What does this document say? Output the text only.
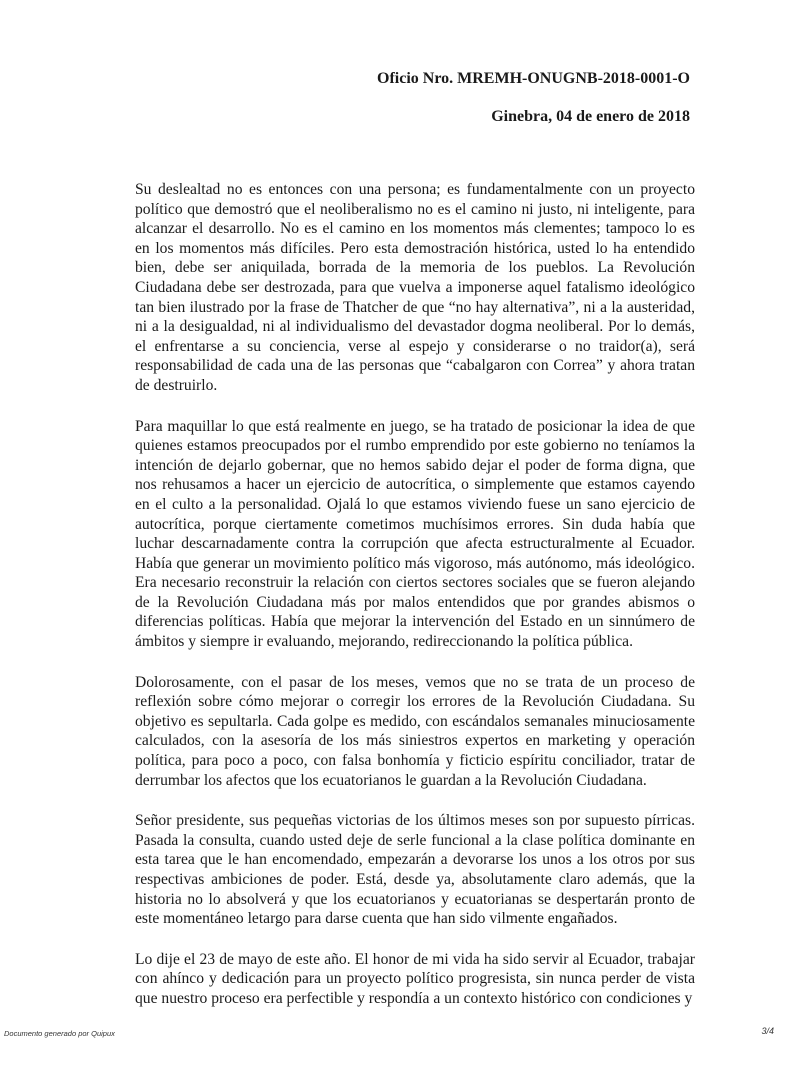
Oficio Nro. MREMH-ONUGNB-2018-0001-O
Ginebra, 04 de enero de 2018

Su deslealtad no es entonces con una persona; es fundamentalmente con un proyecto político que demostró que el neoliberalismo no es el camino ni justo, ni inteligente, para alcanzar el desarrollo. No es el camino en los momentos más clementes; tampoco lo es en los momentos más difíciles. Pero esta demostración histórica, usted lo ha entendido bien, debe ser aniquilada, borrada de la memoria de los pueblos. La Revolución Ciudadana debe ser destrozada, para que vuelva a imponerse aquel fatalismo ideológico tan bien ilustrado por la frase de Thatcher de que “no hay alternativa”, ni a la austeridad, ni a la desigualdad, ni al individualismo del devastador dogma neoliberal. Por lo demás, el enfrentarse a su conciencia, verse al espejo y considerarse o no traidor(a), será responsabilidad de cada una de las personas que “cabalgaron con Correa” y ahora tratan de destruirlo.

Para maquillar lo que está realmente en juego, se ha tratado de posicionar la idea de que quienes estamos preocupados por el rumbo emprendido por este gobierno no teníamos la intención de dejarlo gobernar, que no hemos sabido dejar el poder de forma digna, que nos rehusamos a hacer un ejercicio de autocrítica, o simplemente que estamos cayendo en el culto a la personalidad. Ojalá lo que estamos viviendo fuese un sano ejercicio de autocrítica, porque ciertamente cometimos muchísimos errores. Sin duda había que luchar descarnadamente contra la corrupción que afecta estructuralmente al Ecuador. Había que generar un movimiento político más vigoroso, más autónomo, más ideológico. Era necesario reconstruir la relación con ciertos sectores sociales que se fueron alejando de la Revolución Ciudadana más por malos entendidos que por grandes abismos o diferencias políticas. Había que mejorar la intervención del Estado en un sinnúmero de ámbitos y siempre ir evaluando, mejorando, redireccionando la política pública.

Dolorosamente, con el pasar de los meses, vemos que no se trata de un proceso de reflexión sobre cómo mejorar o corregir los errores de la Revolución Ciudadana. Su objetivo es sepultarla. Cada golpe es medido, con escándalos semanales minuciosamente calculados, con la asesoría de los más siniestros expertos en marketing y operación política, para poco a poco, con falsa bonhomía y ficticio espíritu conciliador, tratar de derrumbar los afectos que los ecuatorianos le guardan a la Revolución Ciudadana.

Señor presidente, sus pequeñas victorias de los últimos meses son por supuesto pírricas. Pasada la consulta, cuando usted deje de serle funcional a la clase política dominante en esta tarea que le han encomendado, empezarán a devorarse los unos a los otros por sus respectivas ambiciones de poder. Está, desde ya, absolutamente claro además, que la historia no lo absolverá y que los ecuatorianos y ecuatorianas se despertarán pronto de este momentáneo letargo para darse cuenta que han sido vilmente engañados.

Lo dije el 23 de mayo de este año. El honor de mi vida ha sido servir al Ecuador, trabajar con ahínco y dedicación para un proyecto político progresista, sin nunca perder de vista que nuestro proceso era perfectible y respondía a un contexto histórico con condiciones y

Documento generado por Quipux	3/4
